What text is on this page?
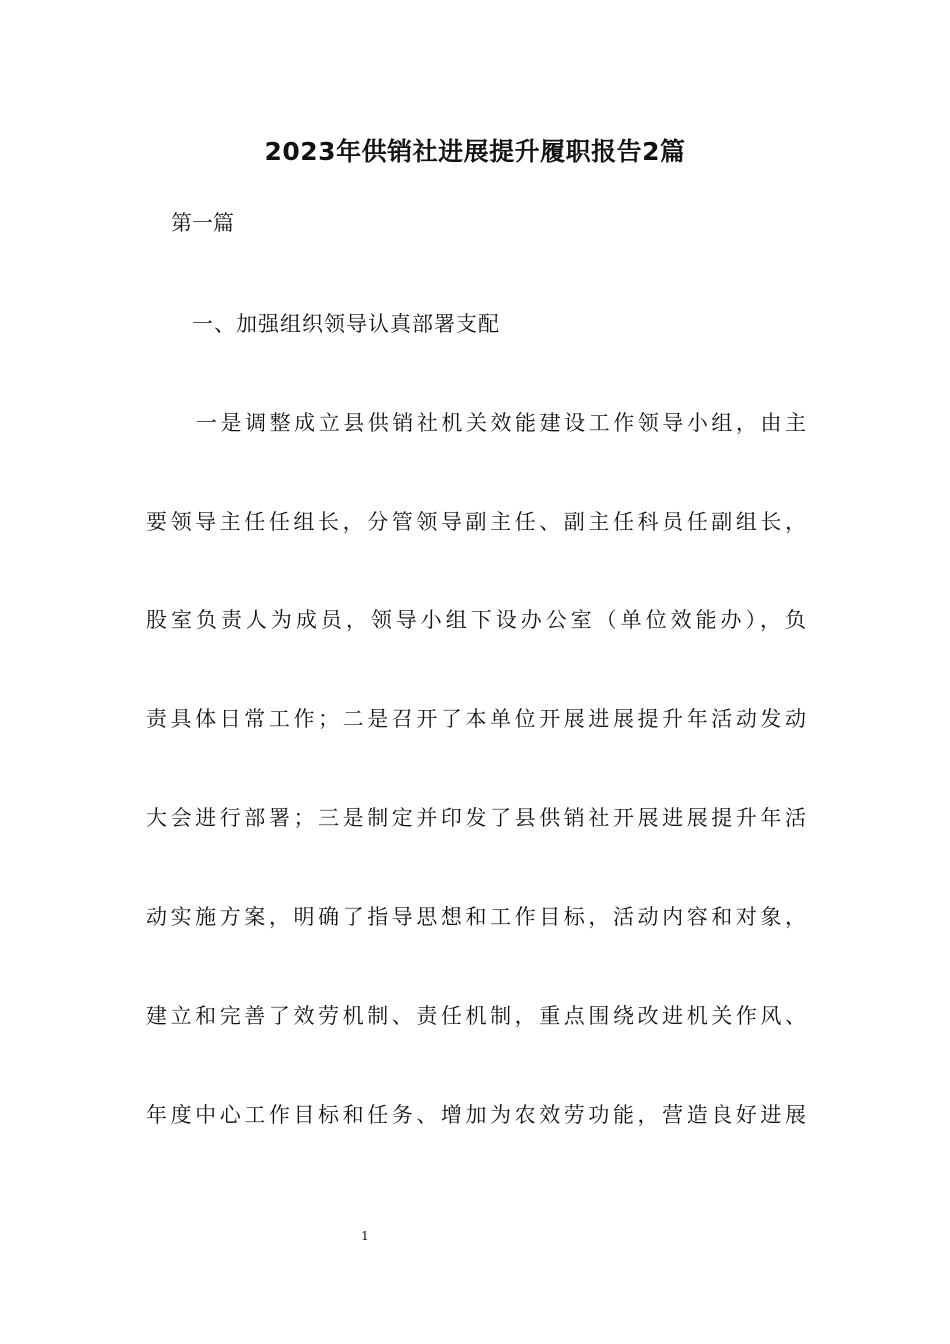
2023年供销社进展提升履职报告2篇

第一篇

一、加强组织领导认真部署支配

一是调整成立县供销社机关效能建设工作领导小组，由主

要领导主任任组长，分管领导副主任、副主任科员任副组长，

股室负责人为成员，领导小组下设办公室（单位效能办），负

责具体日常工作；二是召开了本单位开展进展提升年活动发动

大会进行部署；三是制定并印发了县供销社开展进展提升年活

动实施方案，明确了指导思想和工作目标，活动内容和对象，

建立和完善了效劳机制、责任机制，重点围绕改进机关作风、

年度中心工作目标和任务、增加为农效劳功能，营造良好进展

1
